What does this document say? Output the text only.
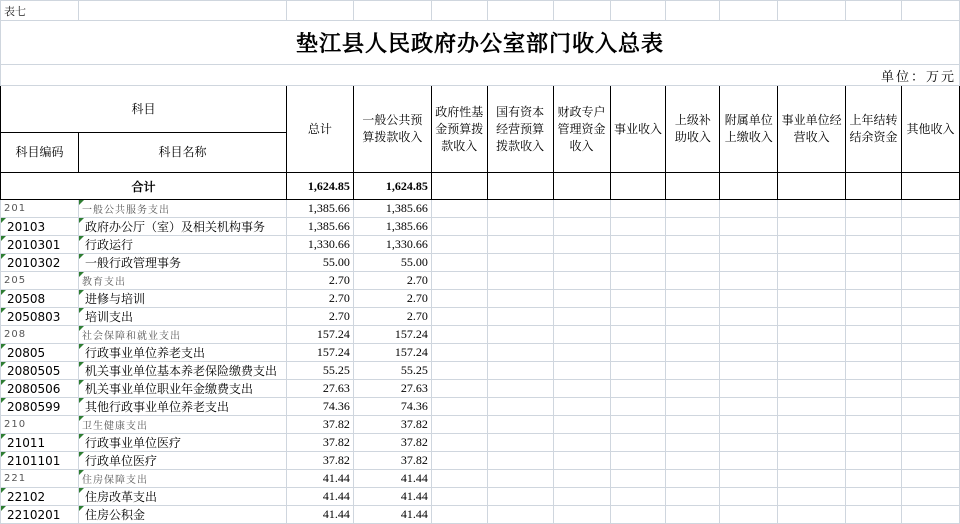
表七												
垫江县人民政府办公室部门收入总表												
单位：万元												
科目		总计	一般公共预算拨款收入	政府性基金预算拨款收入	国有资本经营预算拨款收入	财政专户管理资金收入	事业收入	上级补助收入	附属单位上缴收入	事业单位经营收入	上年结转结余资金	其他收入
科目编码	科目名称											
合计		1,624.85	1,624.85									
201	一般公共服务支出	1,385.66	1,385.66									
20103	政府办公厅（室）及相关机构事务	1,385.66	1,385.66									
2010301	行政运行	1,330.66	1,330.66									
2010302	一般行政管理事务	55.00	55.00									
205	教育支出	2.70	2.70									
20508	进修与培训	2.70	2.70									
2050803	培训支出	2.70	2.70									
208	社会保障和就业支出	157.24	157.24									
20805	行政事业单位养老支出	157.24	157.24									
2080505	机关事业单位基本养老保险缴费支出	55.25	55.25									
2080506	机关事业单位职业年金缴费支出	27.63	27.63									
2080599	其他行政事业单位养老支出	74.36	74.36									
210	卫生健康支出	37.82	37.82									
21011	行政事业单位医疗	37.82	37.82									
2101101	行政单位医疗	37.82	37.82									
221	住房保障支出	41.44	41.44									
22102	住房改革支出	41.44	41.44									
2210201	住房公积金	41.44	41.44									
